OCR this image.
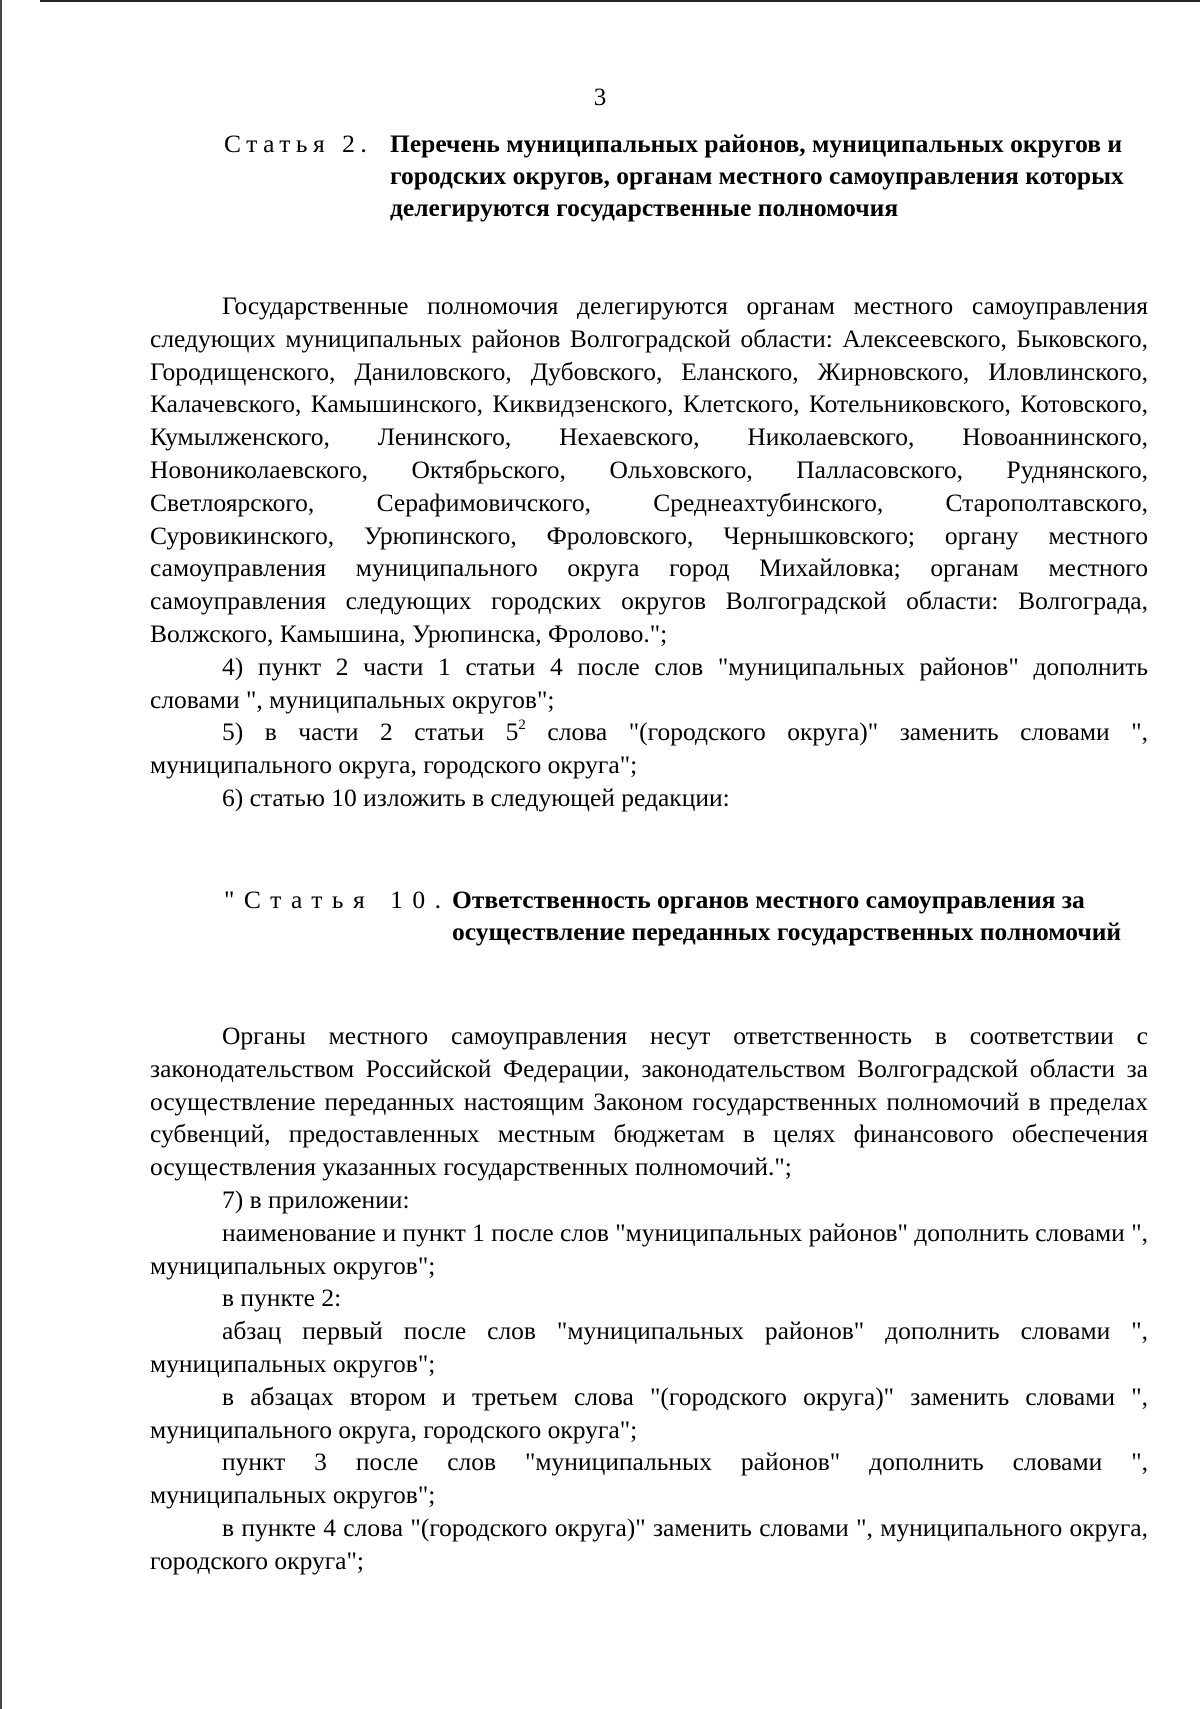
3
Статья 2. Перечень муниципальных районов, муниципальных округов и городских округов, органам местного самоуправления которых делегируются государственные полномочия

Государственные полномочия делегируются органам местного самоуправления следующих муниципальных районов Волгоградской области: Алексеевского, Быковского, Городищенского, Даниловского, Дубовского, Еланского, Жирновского, Иловлинского, Калачевского, Камышинского, Киквидзенского, Клетского, Котельниковского, Котовского, Кумылженского, Ленинского, Нехаевского, Николаевского, Новоаннинского, Новониколаевского, Октябрьского, Ольховского, Палласовского, Руднянского, Светлоярского, Серафимовичского, Среднеахтубинского, Старополтавского, Суровикинского, Урюпинского, Фроловского, Чернышковского; органу местного самоуправления муниципального округа город Михайловка; органам местного самоуправления следующих городских округов Волгоградской области: Волгограда, Волжского, Камышина, Урюпинска, Фролово.";

4) пункт 2 части 1 статьи 4 после слов "муниципальных районов" дополнить словами ", муниципальных округов";

5) в части 2 статьи $5^2$ слова "(городского округа)" заменить словами ", муниципального округа, городского округа";

6) статью 10 изложить в следующей редакции:

"Статья 10. Ответственность органов местного самоуправления за осуществление переданных государственных полномочий

Органы местного самоуправления несут ответственность в соответствии с законодательством Российской Федерации, законодательством Волгоградской области за осуществление переданных настоящим Законом государственных полномочий в пределах субвенций, предоставленных местным бюджетам в целях финансового обеспечения осуществления указанных государственных полномочий.";

7) в приложении:

наименование и пункт 1 после слов "муниципальных районов" дополнить словами ", муниципальных округов";

в пункте 2:

абзац первый после слов "муниципальных районов" дополнить словами ", муниципальных округов";

в абзацах втором и третьем слова "(городского округа)" заменить словами ", муниципального округа, городского округа";

пункт 3 после слов "муниципальных районов" дополнить словами ", муниципальных округов";

в пункте 4 слова "(городского округа)" заменить словами ", муниципального округа, городского округа";
